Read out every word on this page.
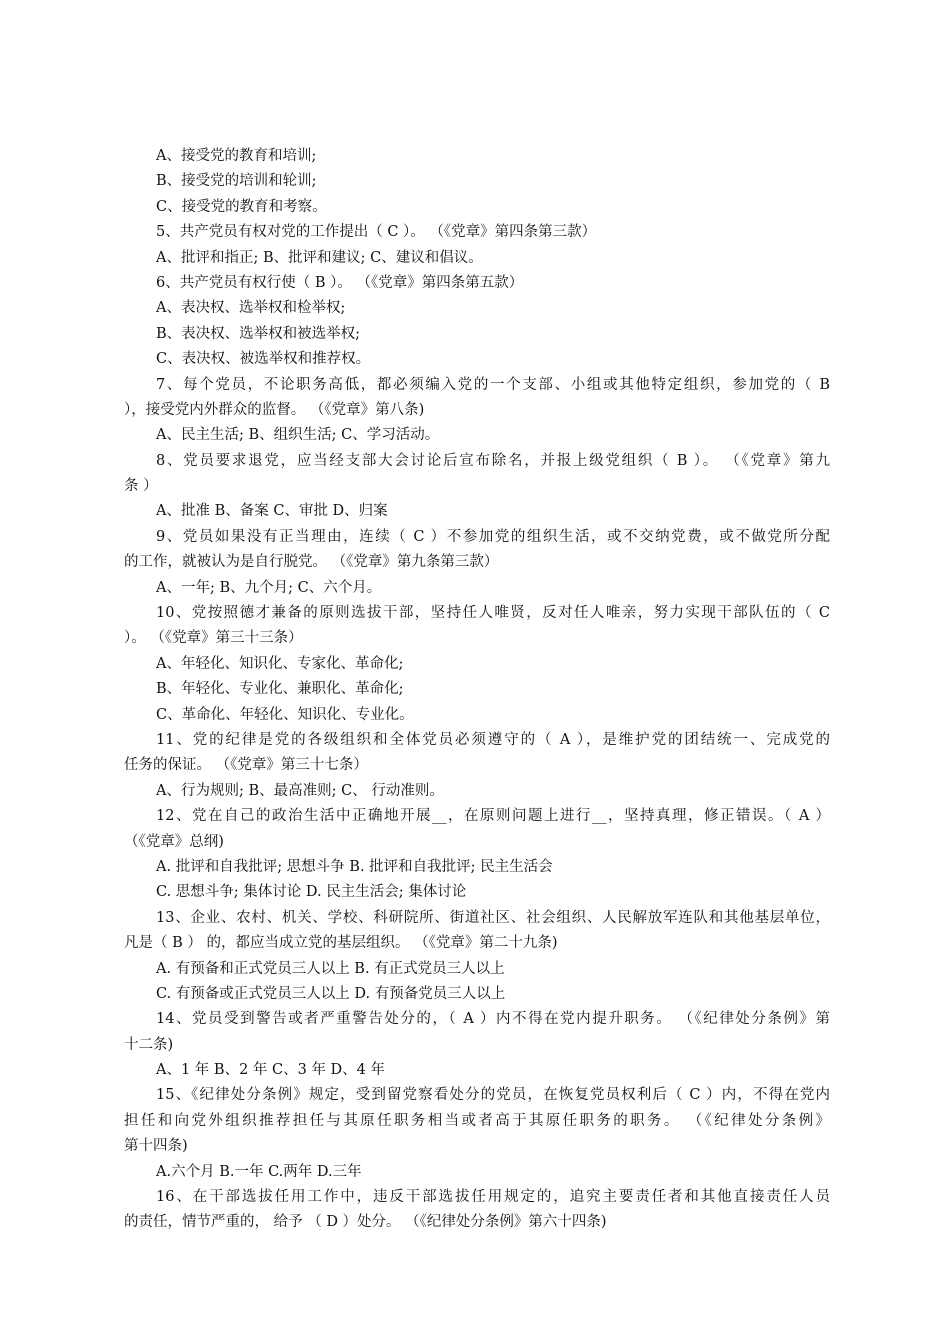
A、接受党的教育和培训;
B、接受党的培训和轮训;
C、接受党的教育和考察。
5、共产党员有权对党的工作提出（ C ）。 （《党章》第四条第三款）
A、批评和指正; B、批评和建议; C、建议和倡议。
6、共产党员有权行使（ B ）。 （《党章》第四条第五款）
A、表决权、选举权和检举权;
B、表决权、选举权和被选举权;
C、表决权、被选举权和推荐权。
7、每个党员，不论职务高低，都必须编入党的一个支部、小组或其他特定组织，参加党的（ B
），接受党内外群众的监督。 （《党章》第八条)
A、民主生活; B、组织生活; C、学习活动。
8、党员要求退党，应当经支部大会讨论后宣布除名，并报上级党组织（ B ）。 （《党章》第九
条 ）
A、批准 B、备案 C、审批 D、归案
9、党员如果没有正当理由，连续（ C ）不参加党的组织生活，或不交纳党费，或不做党所分配
的工作，就被认为是自行脱党。 （《党章》第九条第三款）
A、一年; B、九个月; C、六个月。
10、党按照德才兼备的原则选拔干部，坚持任人唯贤，反对任人唯亲，努力实现干部队伍的（ C
）。 （《党章》第三十三条）
A、年轻化、知识化、专家化、革命化;
B、年轻化、专业化、兼职化、革命化;
C、革命化、年轻化、知识化、专业化。
11、党的纪律是党的各级组织和全体党员必须遵守的（ A ），是维护党的团结统一、完成党的
任务的保证。 （《党章》第三十七条）
A、行为规则; B、最高准则; C、 行动准则。
12、党在自己的政治生活中正确地开展__，在原则问题上进行__，坚持真理，修正错误。（ A ）
（《党章》总纲)
A. 批评和自我批评; 思想斗争 B. 批评和自我批评; 民主生活会
C. 思想斗争; 集体讨论 D. 民主生活会; 集体讨论
13、企业、农村、机关、学校、科研院所、街道社区、社会组织、人民解放军连队和其他基层单位，
凡是（ B ） 的，都应当成立党的基层组织。 （《党章》第二十九条)
A. 有预备和正式党员三人以上 B. 有正式党员三人以上
C. 有预备或正式党员三人以上 D. 有预备党员三人以上
14、党员受到警告或者严重警告处分的，（ A ）内不得在党内提升职务。 （《纪律处分条例》第
十二条)
A、1 年 B、2 年 C、3 年 D、4 年
15、《纪律处分条例》规定，受到留党察看处分的党员，在恢复党员权利后（ C ）内，不得在党内
担任和向党外组织推荐担任与其原任职务相当或者高于其原任职务的职务。 （《纪律处分条例》
第十四条)
A.六个月 B.一年 C.两年 D.三年
16、在干部选拔任用工作中，违反干部选拔任用规定的，追究主要责任者和其他直接责任人员
的责任，情节严重的， 给予 （ D ）处分。 （《纪律处分条例》第六十四条)
